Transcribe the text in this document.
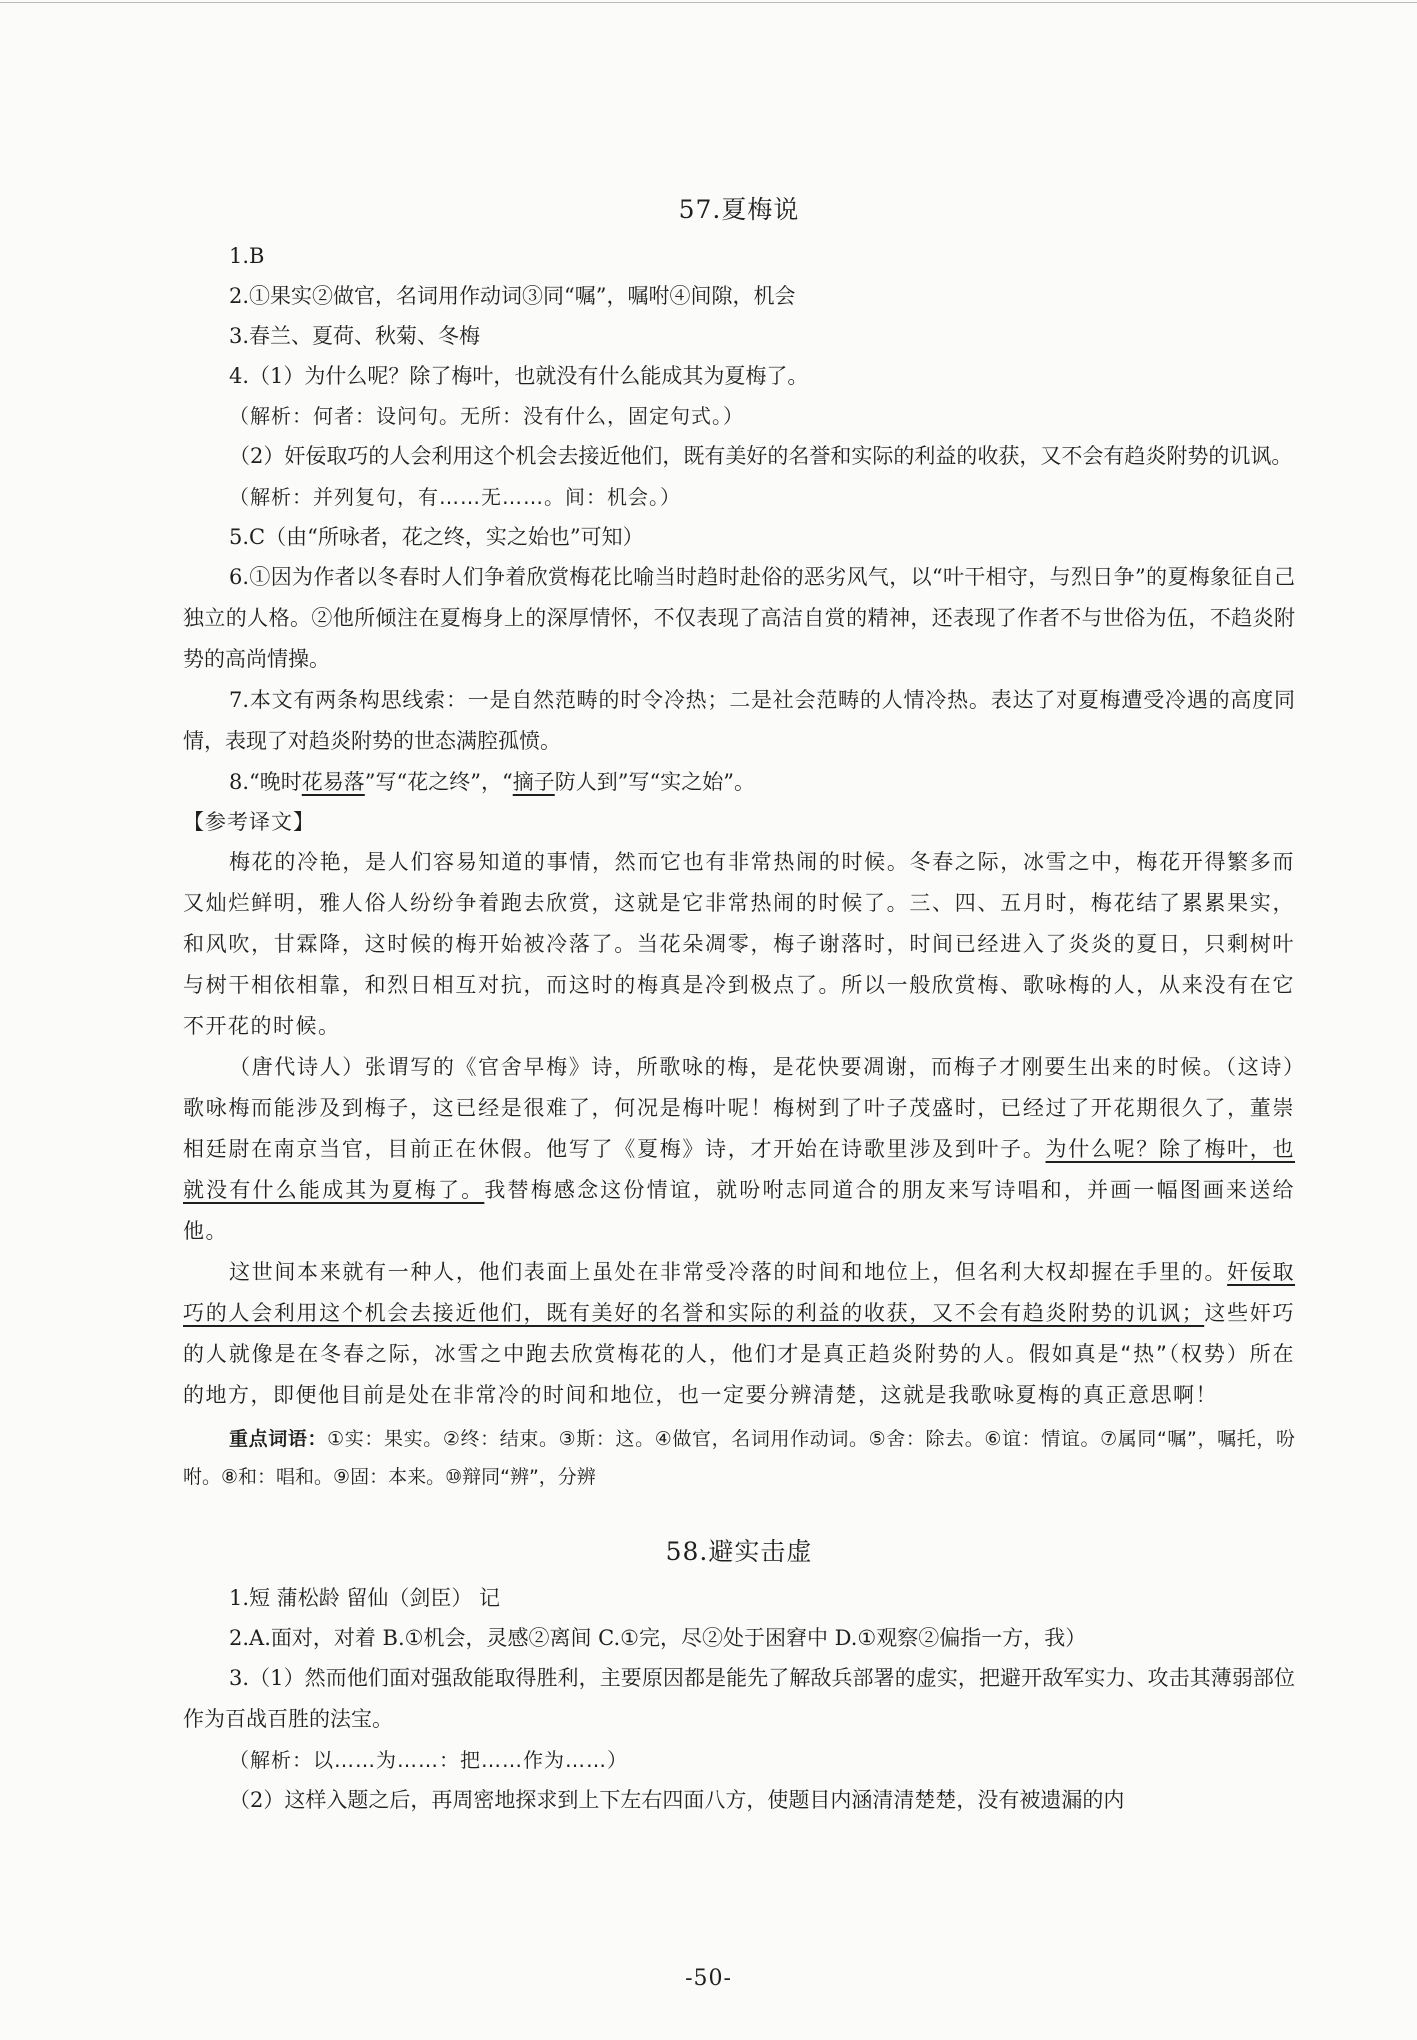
57.夏梅说

1.B

2.①果实②做官，名词用作动词③同“嘱”，嘱咐④间隙，机会

3.春兰、夏荷、秋菊、冬梅

4.（1）为什么呢？除了梅叶，也就没有什么能成其为夏梅了。

（解析：何者：设问句。无所：没有什么，固定句式。）

（2）奸佞取巧的人会利用这个机会去接近他们，既有美好的名誉和实际的利益的收获，又不会有趋炎附势的讥讽。

（解析：并列复句，有……无……。间：机会。）

5.C（由“所咏者，花之终，实之始也”可知）

6.①因为作者以冬春时人们争着欣赏梅花比喻当时趋时赴俗的恶劣风气，以“叶干相守，与烈日争”的夏梅象征自己独立的人格。②他所倾注在夏梅身上的深厚情怀，不仅表现了高洁自赏的精神，还表现了作者不与世俗为伍，不趋炎附势的高尚情操。

7.本文有两条构思线索：一是自然范畴的时令冷热；二是社会范畴的人情冷热。表达了对夏梅遭受冷遇的高度同情，表现了对趋炎附势的世态满腔孤愤。

8.“晚时花易落”写“花之终”，“摘子防人到”写“实之始”。

【参考译文】

梅花的冷艳，是人们容易知道的事情，然而它也有非常热闹的时候。冬春之际，冰雪之中，梅花开得繁多而又灿烂鲜明，雅人俗人纷纷争着跑去欣赏，这就是它非常热闹的时候了。三、四、五月时，梅花结了累累果实，和风吹，甘霖降，这时候的梅开始被冷落了。当花朵凋零，梅子谢落时，时间已经进入了炎炎的夏日，只剩树叶与树干相依相靠，和烈日相互对抗，而这时的梅真是冷到极点了。所以一般欣赏梅、歌咏梅的人，从来没有在它不开花的时候。

（唐代诗人）张谓写的《官舍早梅》诗，所歌咏的梅，是花快要凋谢，而梅子才刚要生出来的时候。（这诗）歌咏梅而能涉及到梅子，这已经是很难了，何况是梅叶呢！梅树到了叶子茂盛时，已经过了开花期很久了，董崇相廷尉在南京当官，目前正在休假。他写了《夏梅》诗，才开始在诗歌里涉及到叶子。为什么呢？除了梅叶，也就没有什么能成其为夏梅了。我替梅感念这份情谊，就吩咐志同道合的朋友来写诗唱和，并画一幅图画来送给他。

这世间本来就有一种人，他们表面上虽处在非常受冷落的时间和地位上，但名利大权却握在手里的。奸佞取巧的人会利用这个机会去接近他们，既有美好的名誉和实际的利益的收获，又不会有趋炎附势的讥讽；这些奸巧的人就像是在冬春之际，冰雪之中跑去欣赏梅花的人，他们才是真正趋炎附势的人。假如真是“热”（权势）所在的地方，即便他目前是处在非常冷的时间和地位，也一定要分辨清楚，这就是我歌咏夏梅的真正意思啊！

重点词语：①实：果实。②终：结束。③斯：这。④做官，名词用作动词。⑤舍：除去。⑥谊：情谊。⑦属同“嘱”，嘱托，吩咐。⑧和：唱和。⑨固：本来。⑩辩同“辨”，分辨

58.避实击虚

1.短 蒲松龄 留仙（剑臣） 记

2.A.面对，对着 B.①机会，灵感②离间 C.①完，尽②处于困窘中 D.①观察②偏指一方，我）

3.（1）然而他们面对强敌能取得胜利，主要原因都是能先了解敌兵部署的虚实，把避开敌军实力、攻击其薄弱部位作为百战百胜的法宝。

（解析：以……为……：把……作为……）

（2）这样入题之后，再周密地探求到上下左右四面八方，使题目内涵清清楚楚，没有被遗漏的内

-50-
